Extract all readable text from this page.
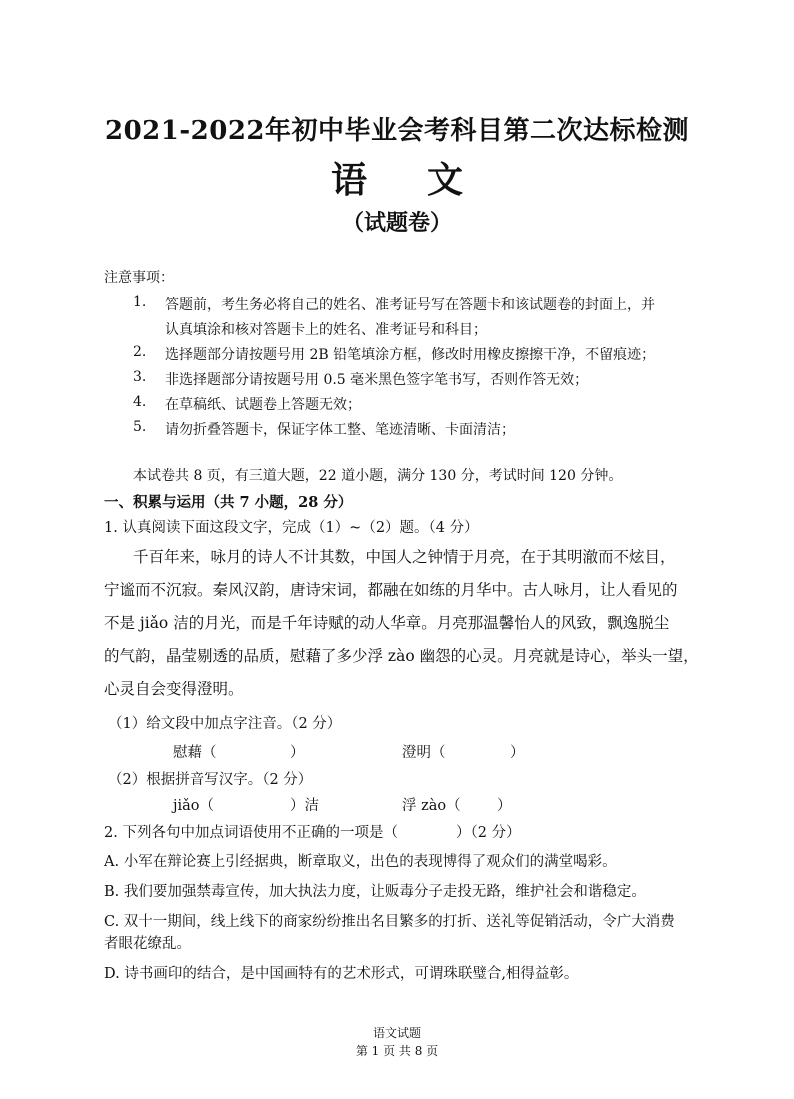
2021-2022年初中毕业会考科目第二次达标检测
语文
（试题卷）
注意事项：
1. 答题前，考生务必将自己的姓名、准考证号写在答题卡和该试题卷的封面上，并
认真填涂和核对答题卡上的姓名、准考证号和科目；
2. 选择题部分请按题号用 2B 铅笔填涂方框，修改时用橡皮擦擦干净，不留痕迹；
3. 非选择题部分请按题号用 0.5 毫米黑色签字笔书写，否则作答无效；
4. 在草稿纸、试题卷上答题无效；
5. 请勿折叠答题卡，保证字体工整、笔迹清晰、卡面清洁；
本试卷共 8 页，有三道大题，22 道小题，满分 130 分，考试时间 120 分钟。
一、积累与运用（共 7 小题，28 分）
1. 认真阅读下面这段文字，完成（1）~（2）题。（4 分）
千百年来，咏月的诗人不计其数，中国人之钟情于月亮，在于其明澈而不炫目，
宁谧而不沉寂。秦风汉韵，唐诗宋词，都融在如练的月华中。古人咏月，让人看见的
不是 jiǎo 洁的月光，而是千年诗赋的动人华章。月亮那温馨怡人的风致，飘逸脱尘
的气韵，晶莹剔透的品质，慰藉了多少浮 zào 幽怨的心灵。月亮就是诗心，举头一望，
心灵自会变得澄明。
（1）给文段中加点字注音。（2 分）
慰藉（	）	澄明（	）
（2）根据拼音写汉字。（2 分）
jiǎo（	）洁	浮 zào（	）
2. 下列各句中加点词语使用不正确的一项是（	）（2 分）
A. 小军在辩论赛上引经据典，断章取义，出色的表现博得了观众们的满堂喝彩。
B. 我们要加强禁毒宣传，加大执法力度，让贩毒分子走投无路，维护社会和谐稳定。
C. 双十一期间，线上线下的商家纷纷推出名目繁多的打折、送礼等促销活动，令广大消费
者眼花缭乱。
D. 诗书画印的结合，是中国画特有的艺术形式，可谓珠联璧合,相得益彰。
语文试题
第 1 页 共 8 页
